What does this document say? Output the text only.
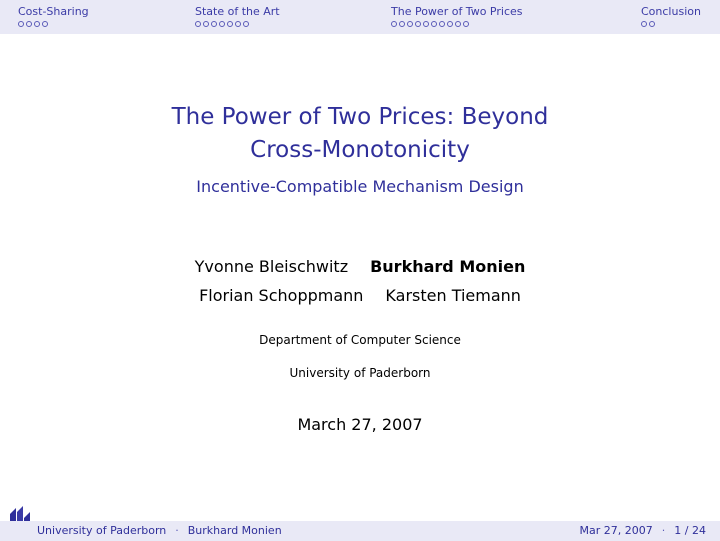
Cost-Sharing	State of the Art	The Power of Two Prices	Conclusion
The Power of Two Prices: Beyond
Cross-Monotonicity
Incentive-Compatible Mechanism Design
Yvonne Bleischwitz Burkhard Monien
Florian Schoppmann Karsten Tiemann
Department of Computer Science
University of Paderborn
March 27, 2007
University of Paderborn · Burkhard Monien	Mar 27, 2007 · 1 / 24
